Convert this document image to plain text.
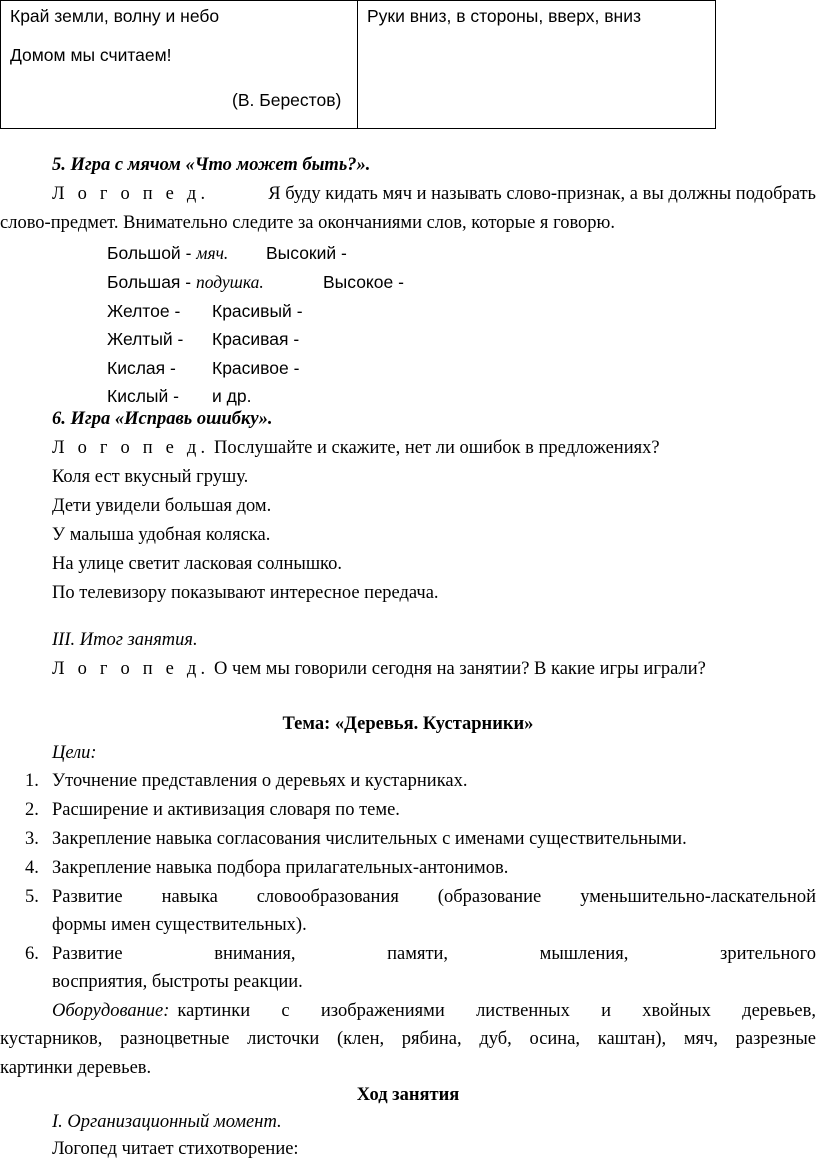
Край земли, волну и небо
Домом мы считаем!
(В. Берестов)
Руки вниз, в стороны, вверх, вниз
5. Игра с мячом «Что может быть?».
Л о г о п е д.	Я буду кидать мяч и называть слово-признак, а вы должны подобрать
слово-предмет. Внимательно следите за окончаниями слов, которые я говорю.
Большой - мяч. Высокий -
Большая - подушка.	Высокое -
Желтое - Красивый -
Желтый - Красивая -
Кислая - Красивое -
Кислый - и др.
6. Игра «Исправь ошибку».
Л о г о п е д. Послушайте и скажите, нет ли ошибок в предложениях?
Коля ест вкусный грушу.
Дети увидели большая дом.
У малыша удобная коляска.
На улице светит ласковая солнышко.
По телевизору показывают интересное передача.
III. Итог занятия.
Л о г о п е д. О чем мы говорили сегодня на занятии? В какие игры играли?
Тема: «Деревья. Кустарники»
Цели:
1. Уточнение представления о деревьях и кустарниках.
2. Расширение и активизация словаря по теме.
3. Закрепление навыка согласования числительных с именами существительными.
4. Закрепление навыка подбора прилагательных-антонимов.
5. Развитие навыка словообразования (образование уменьшительно-ласкательной
формы имен существительных).
6. Развитие внимания, памяти, мышления, зрительного
восприятия, быстроты реакции.
Оборудование: картинки с изображениями лиственных и хвойных деревьев,
кустарников, разноцветные листочки (клен, рябина, дуб, осина, каштан), мяч, разрезные
картинки деревьев.
Ход занятия
I. Организационный момент.
Логопед читает стихотворение:
